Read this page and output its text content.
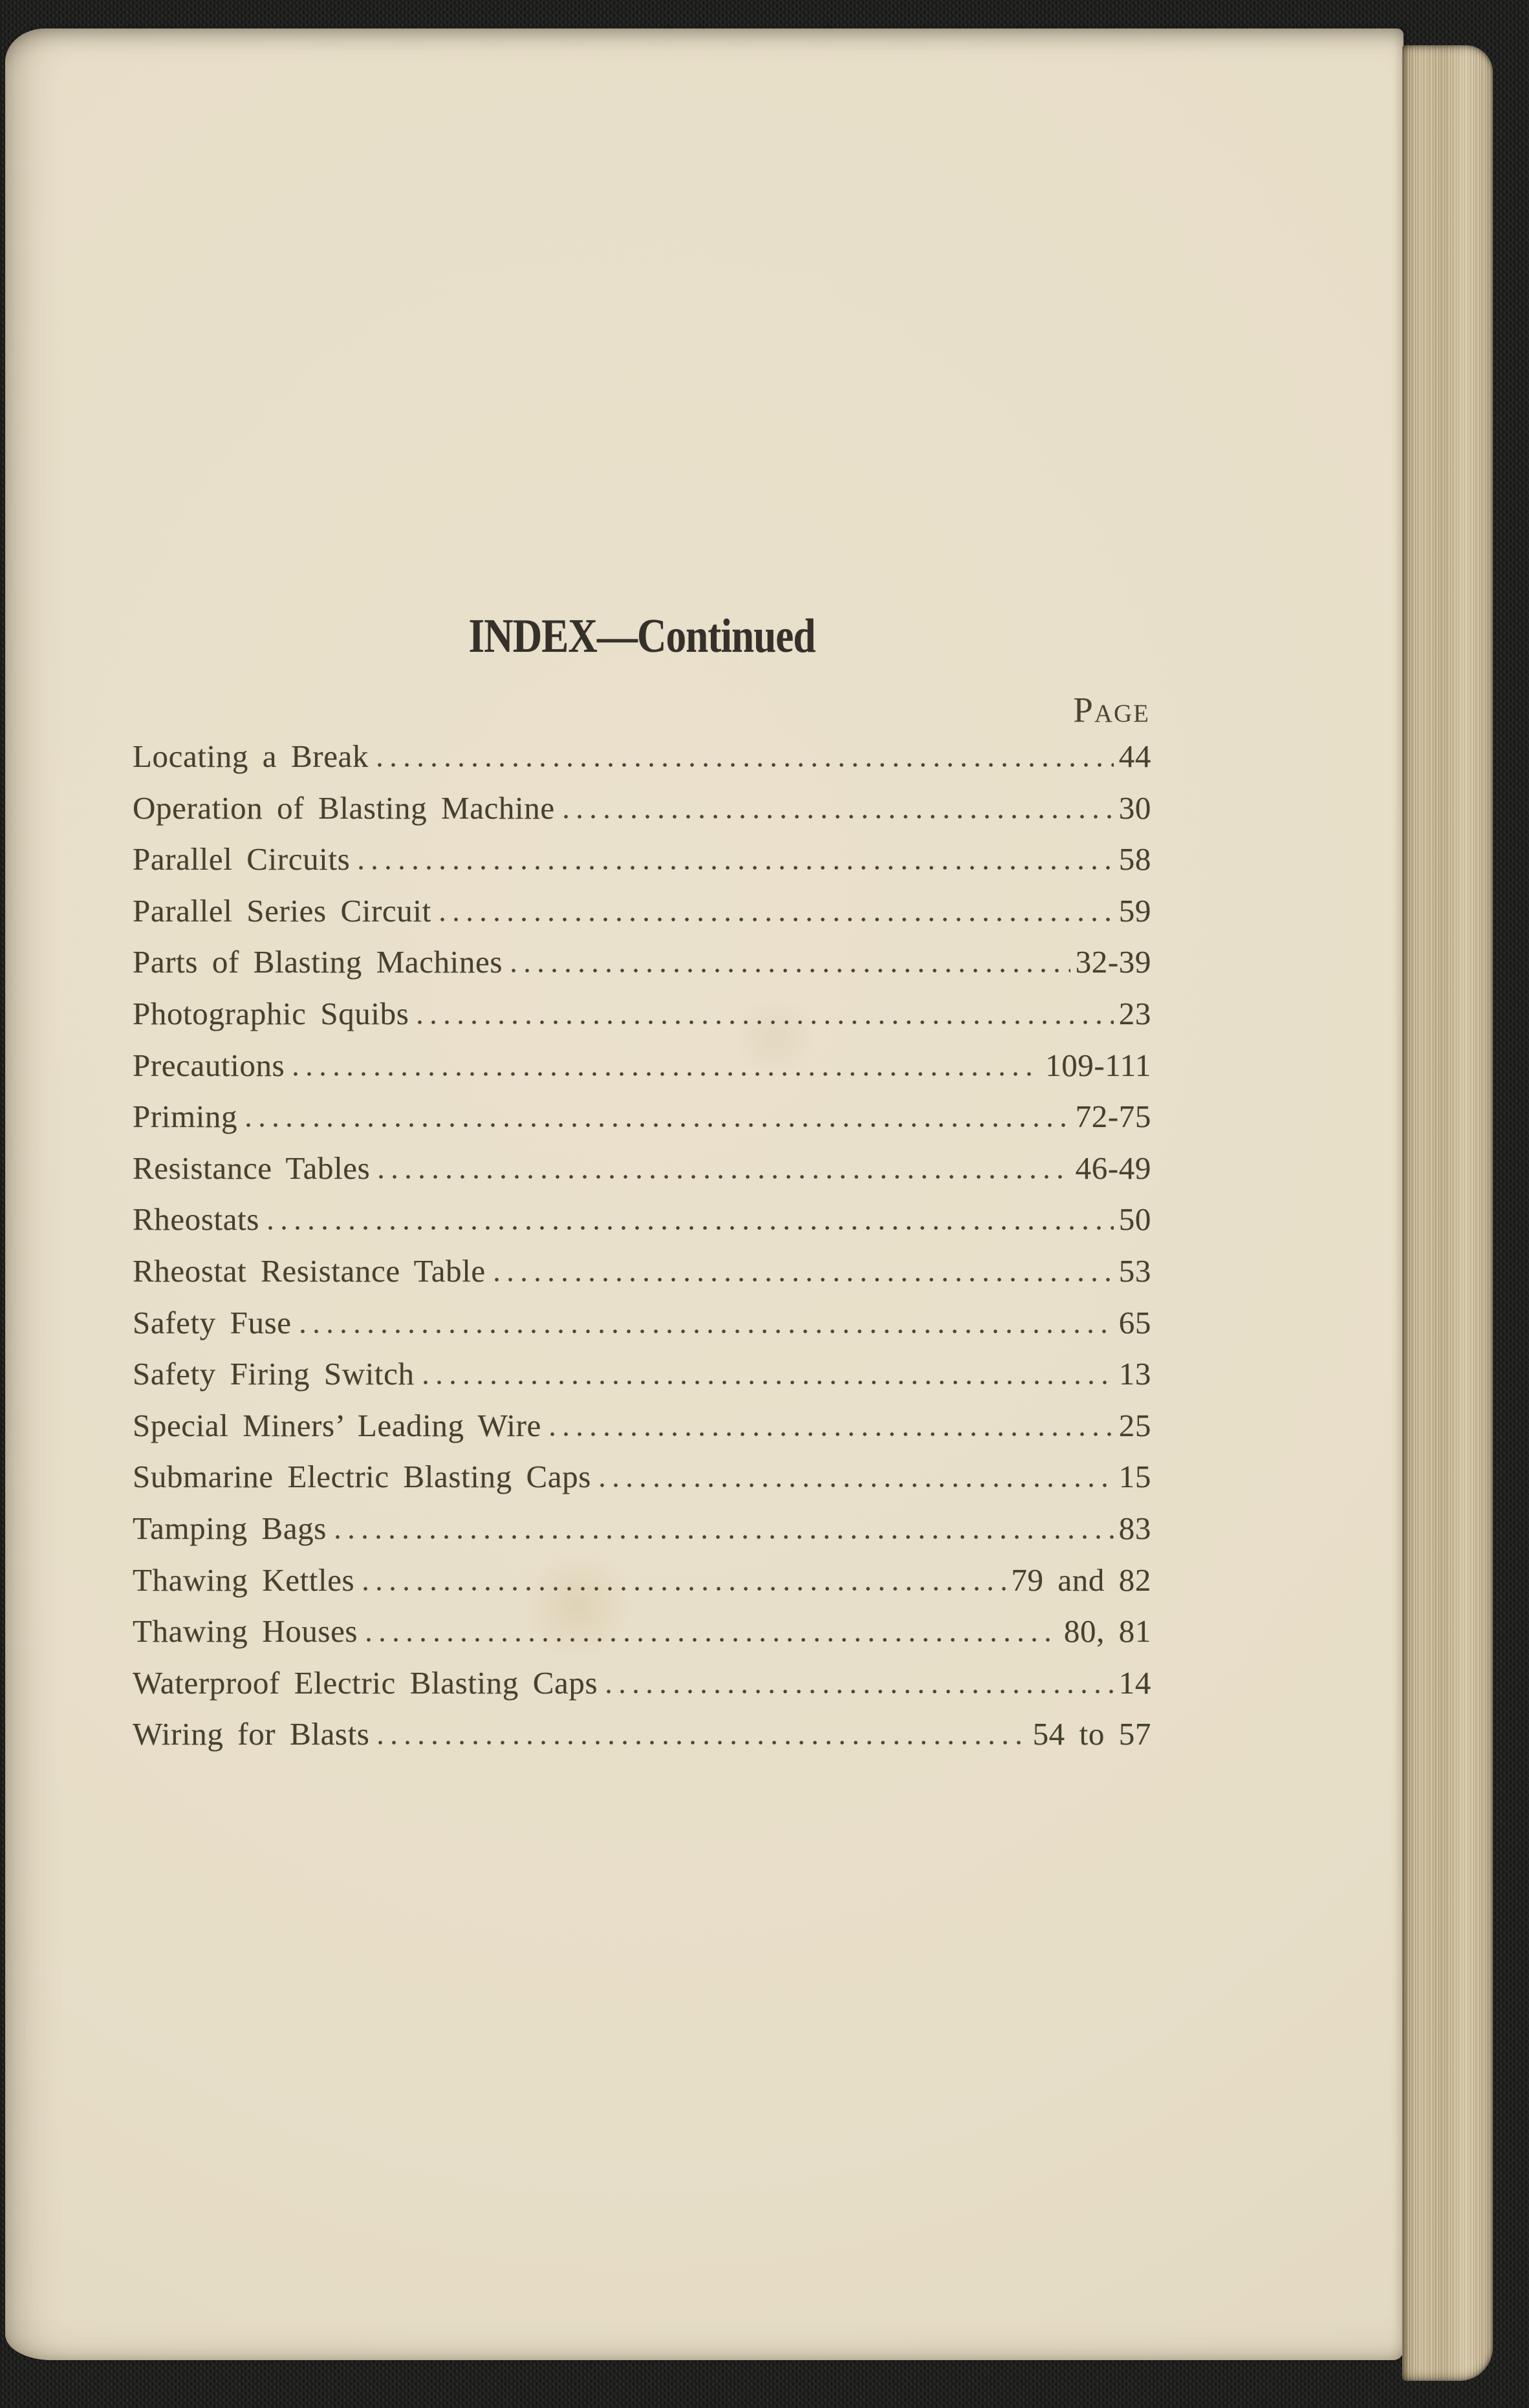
INDEX—Continued
Page
Locating a Break	44
Operation of Blasting Machine	30
Parallel Circuits	58
Parallel Series Circuit	59
Parts of Blasting Machines	32-39
Photographic Squibs	23
Precautions	109-111
Priming	72-75
Resistance Tables	46-49
Rheostats	50
Rheostat Resistance Table	53
Safety Fuse	65
Safety Firing Switch	13
Special Miners’ Leading Wire	25
Submarine Electric Blasting Caps	15
Tamping Bags	83
Thawing Kettles	79 and 82
Thawing Houses	80, 81
Waterproof Electric Blasting Caps	14
Wiring for Blasts	54 to 57
